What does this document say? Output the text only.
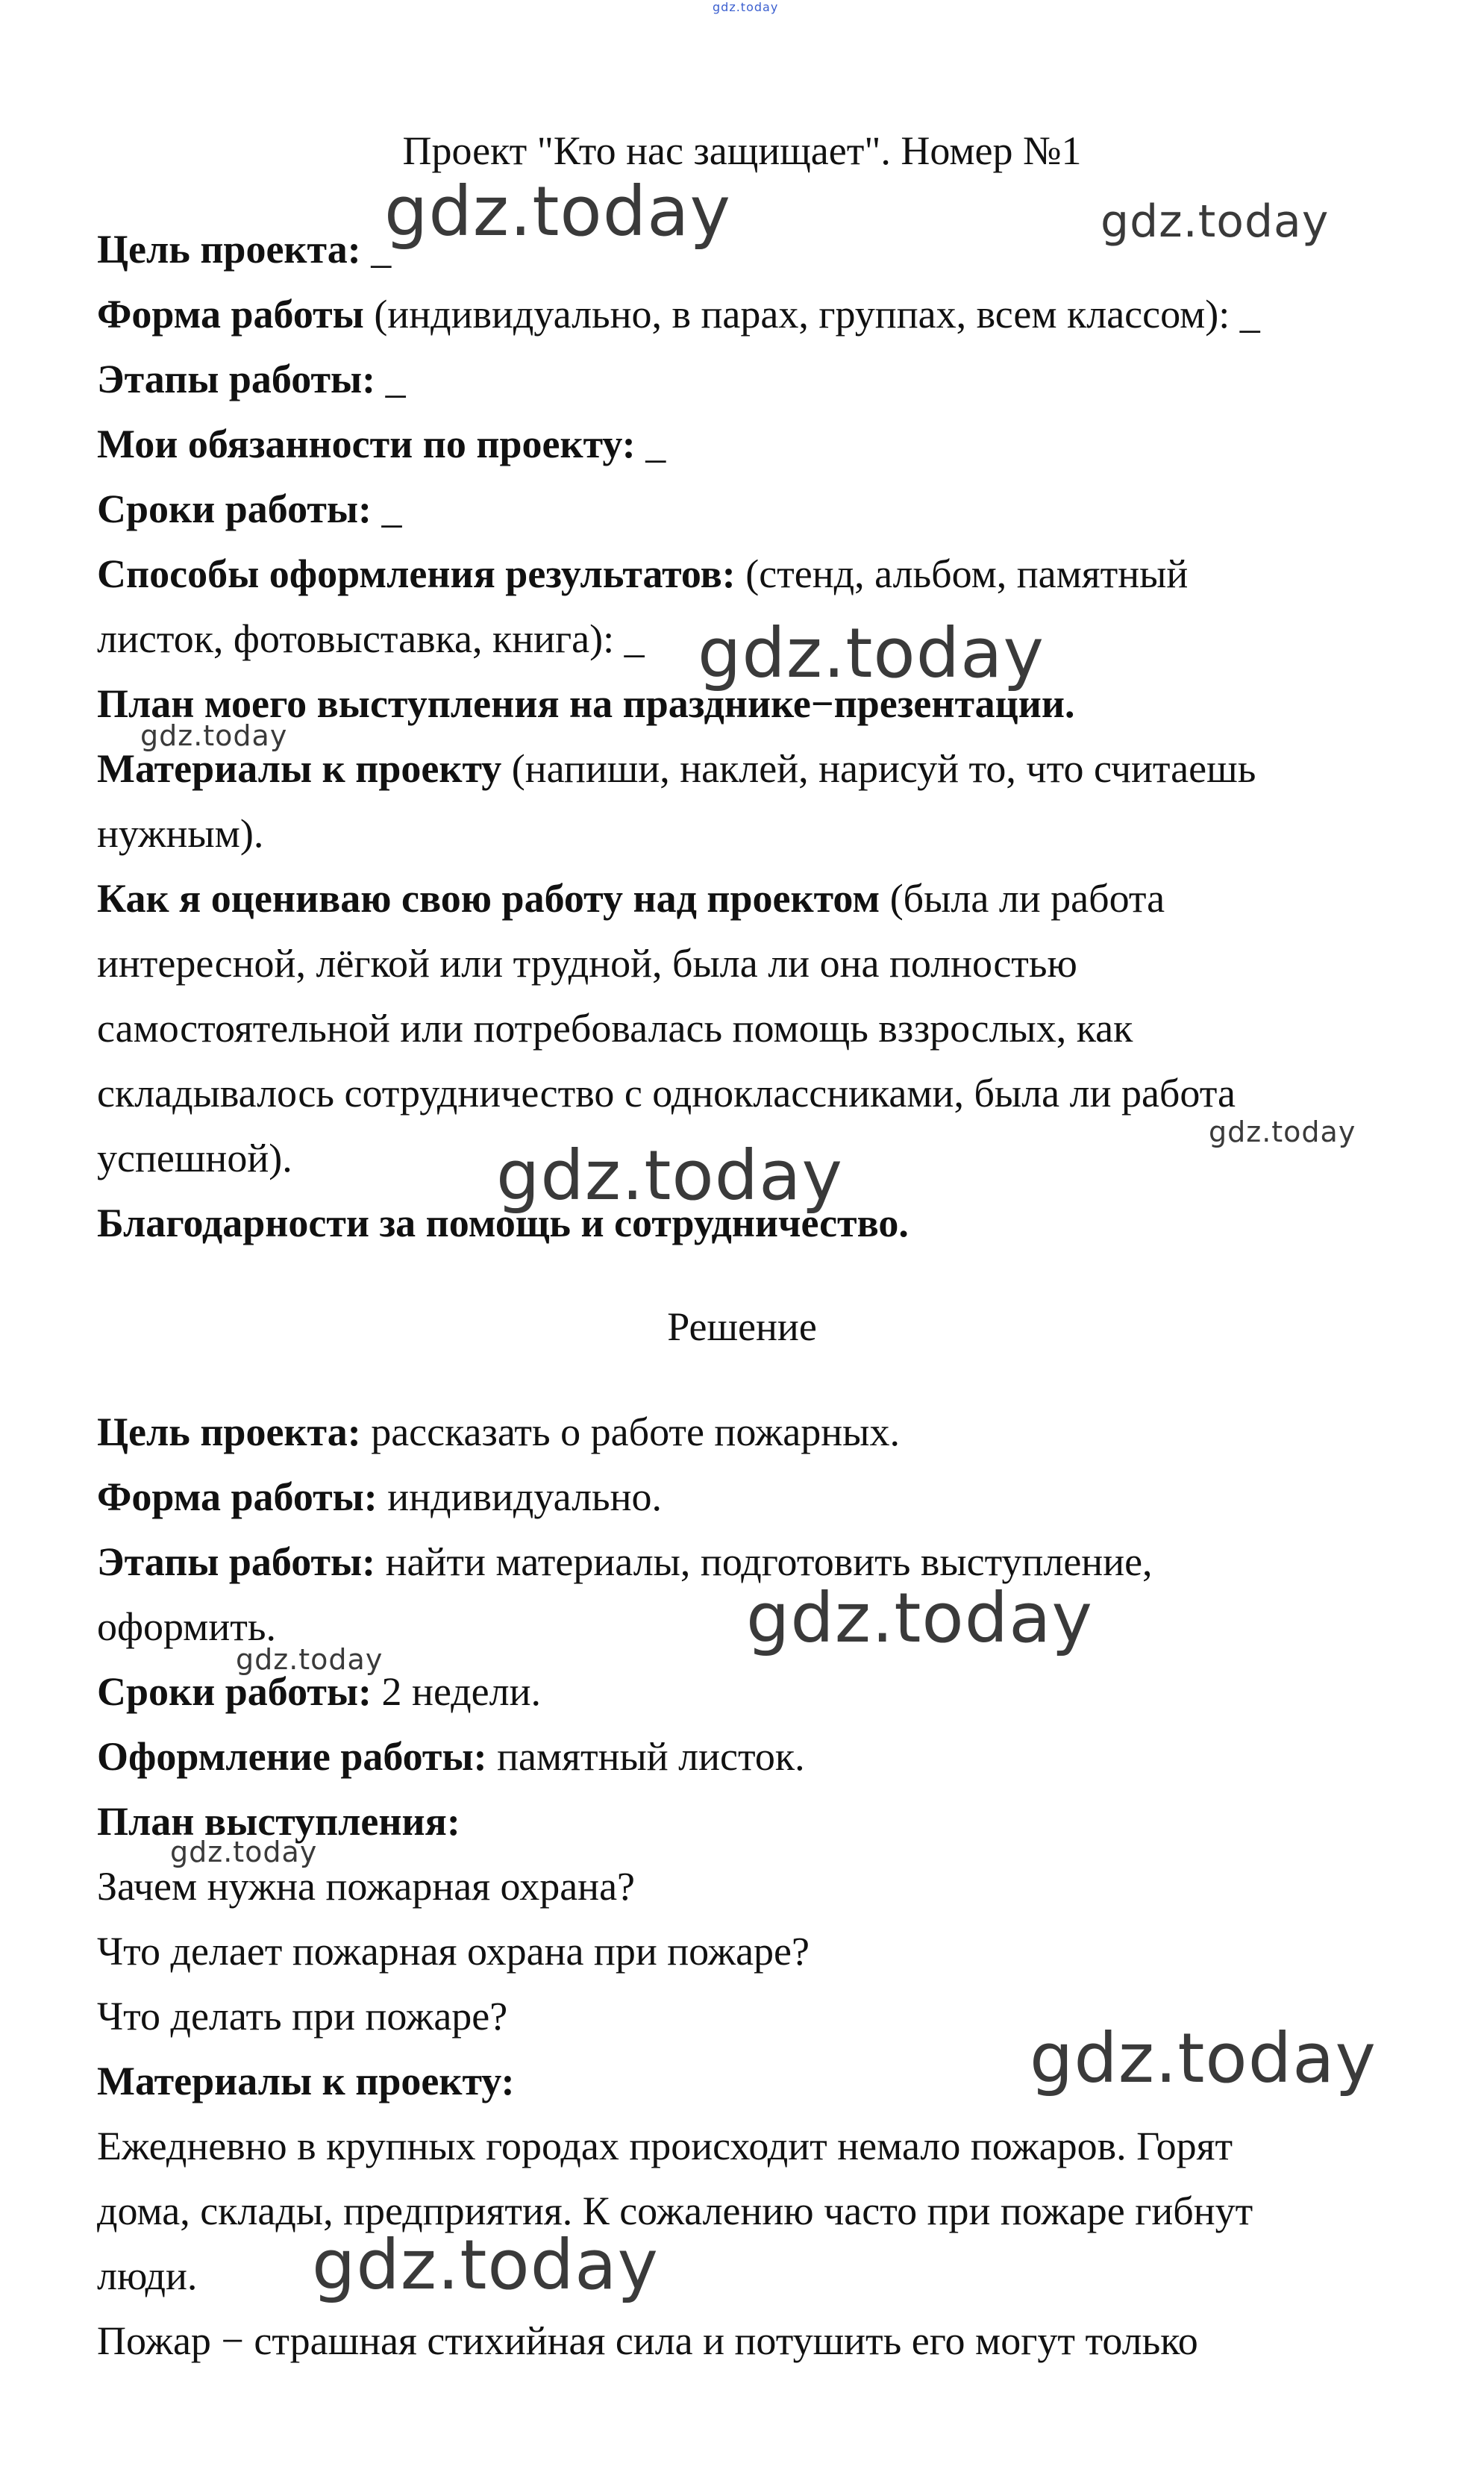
gdz.today
Проект "Кто нас защищает". Номер №1
Цель проекта: _
Форма работы (индивидуально, в парах, группах, всем классом): _
Этапы работы: _
Мои обязанности по проекту: _
Сроки работы: _
Способы оформления результатов: (стенд, альбом, памятный
листок, фотовыставка, книга): _
План моего выступления на празднике−презентации.
Материалы к проекту (напиши, наклей, нарисуй то, что считаешь
нужным).
Как я оцениваю свою работу над проектом (была ли работа
интересной, лёгкой или трудной, была ли она полностью
самостоятельной или потребовалась помощь вззрослых, как
складывалось сотрудничество с одноклассниками, была ли работа
успешной).
Благодарности за помощь и сотрудничество.
Решение
Цель проекта: рассказать о работе пожарных.
Форма работы: индивидуально.
Этапы работы: найти материалы, подготовить выступление,
оформить.
Сроки работы: 2 недели.
Оформление работы: памятный листок.
План выступления:
Зачем нужна пожарная охрана?
Что делает пожарная охрана при пожаре?
Что делать при пожаре?
Материалы к проекту:
Ежедневно в крупных городах происходит немало пожаров. Горят
дома, склады, предприятия. К сожалению часто при пожаре гибнут
люди.
Пожар − страшная стихийная сила и потушить его могут только
gdz.today	gdz.today
gdz.today
gdz.today
gdz.today
gdz.today
gdz.today
gdz.today
gdz.today
gdz.today
gdz.today
